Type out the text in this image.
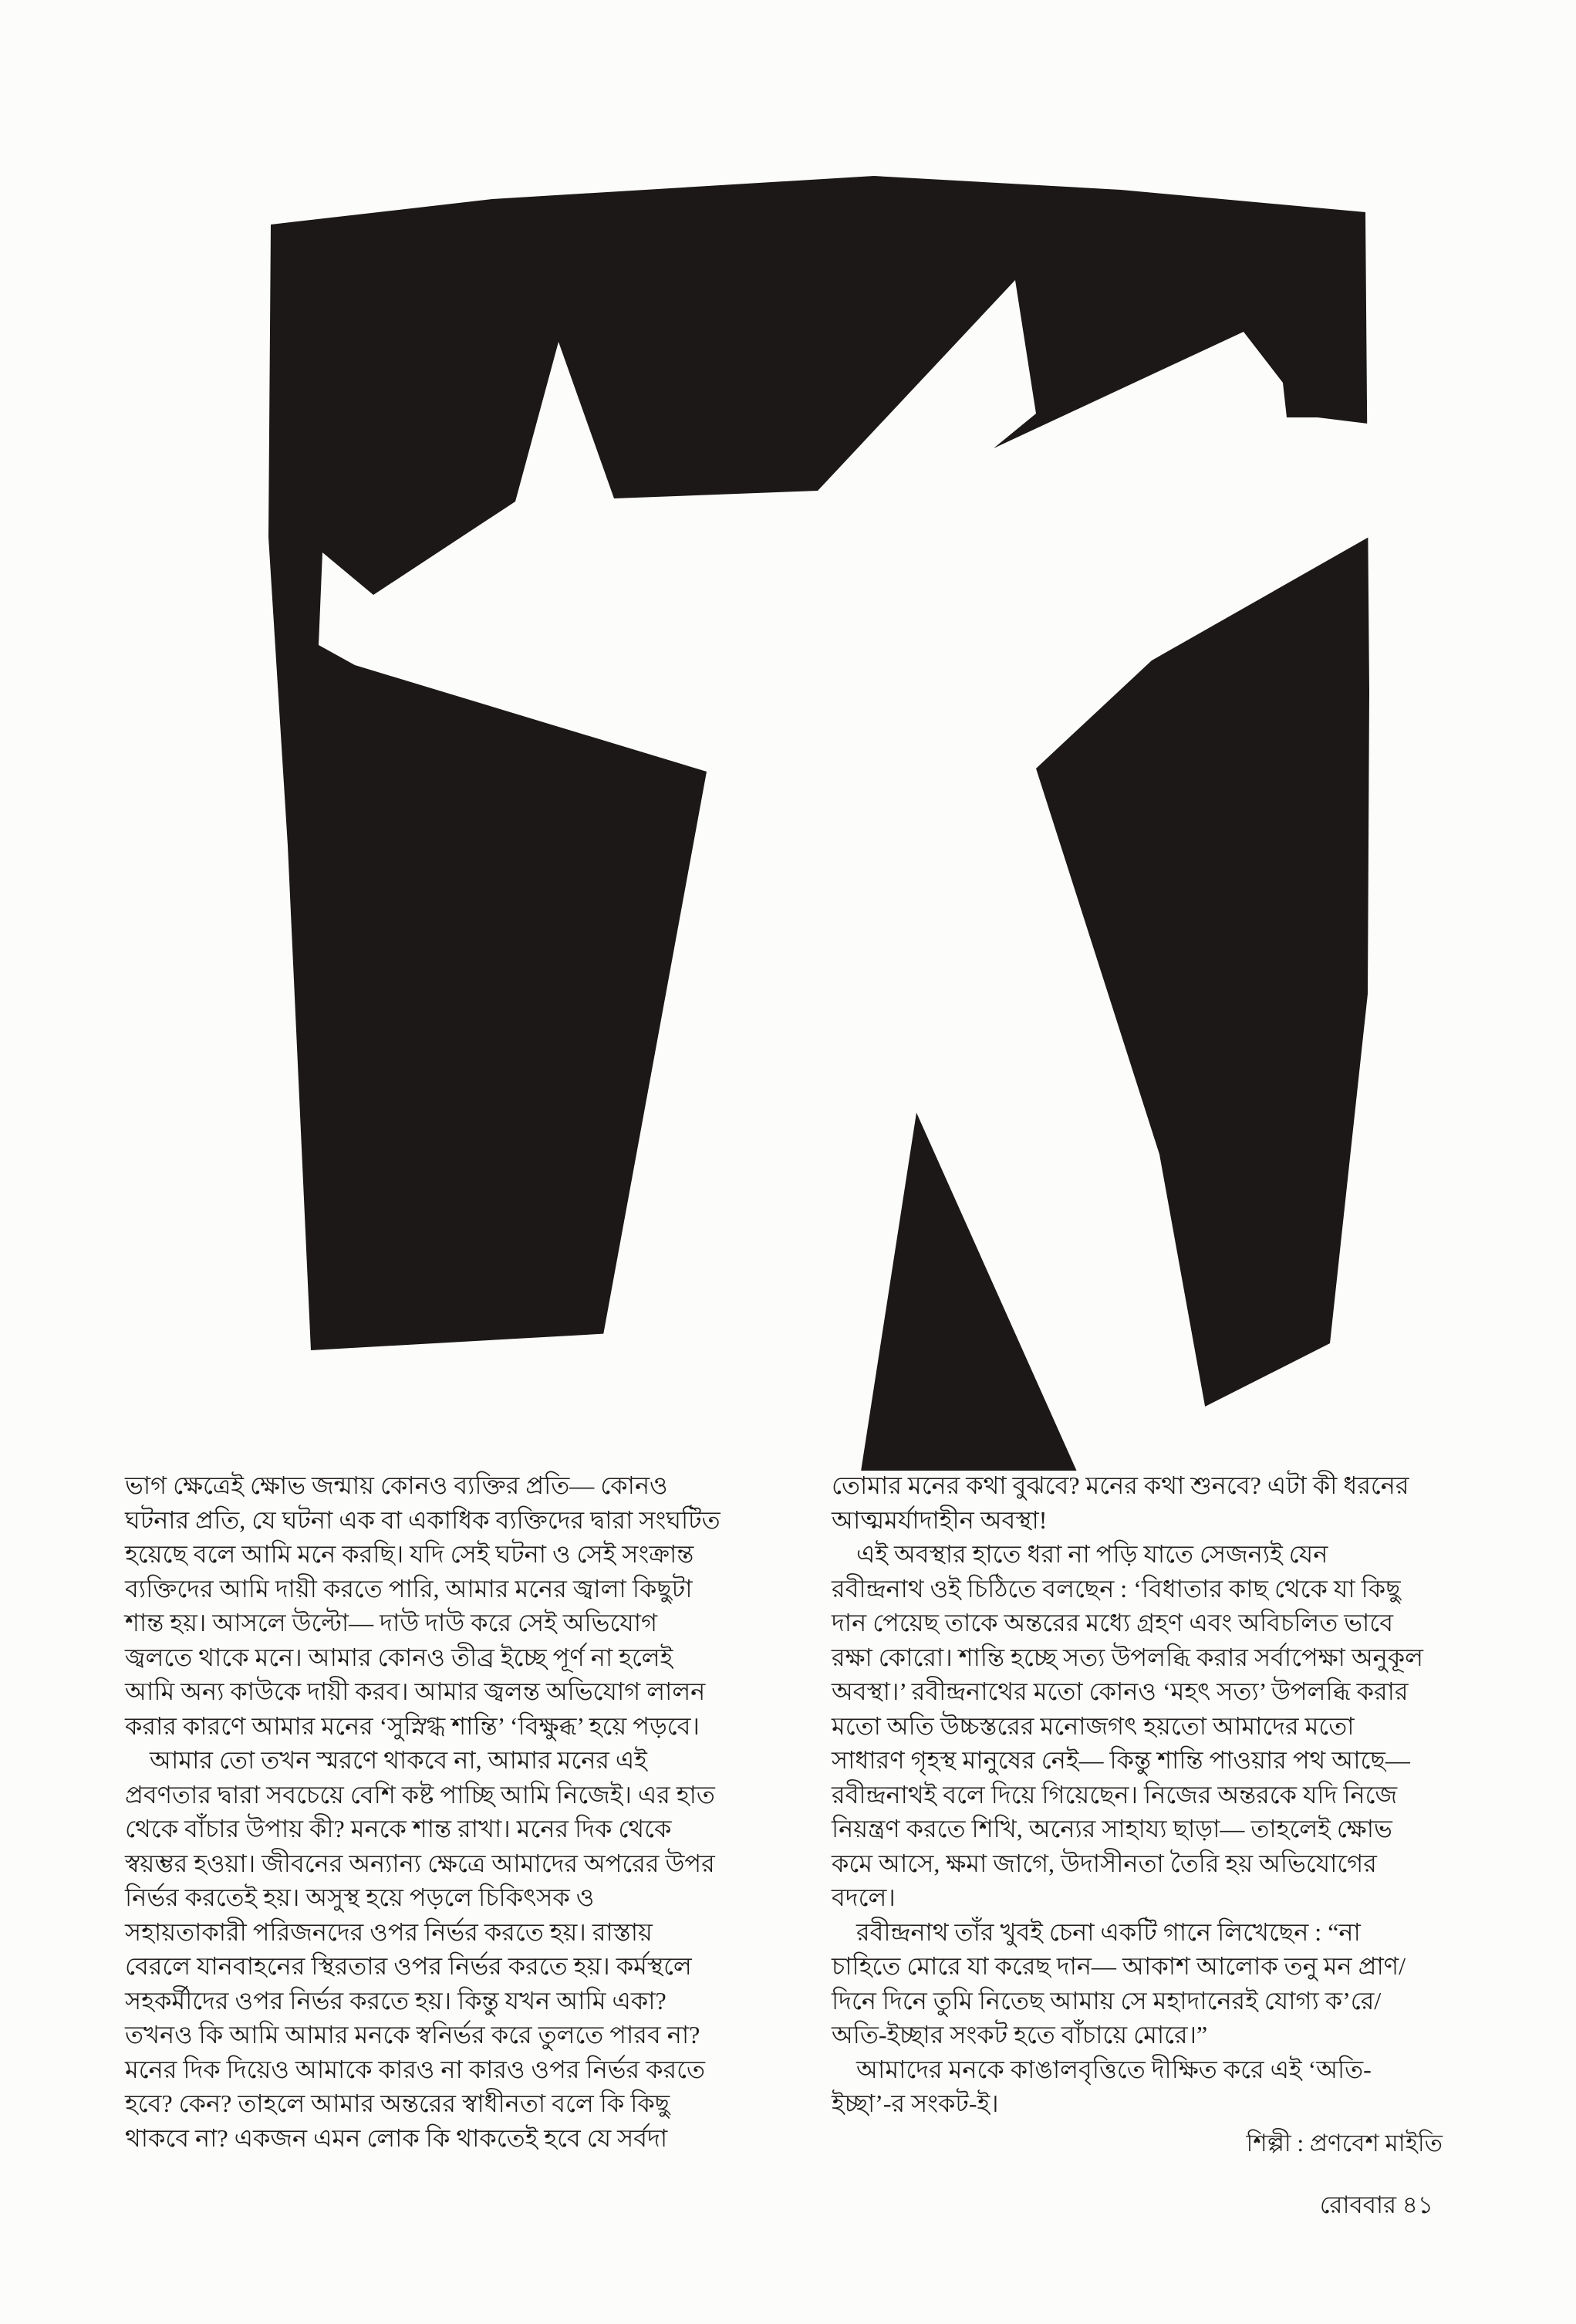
ভাগ ক্ষেত্রেই ক্ষোভ জন্মায় কোনও ব্যক্তির প্রতি— কোনও
ঘটনার প্রতি, যে ঘটনা এক বা একাধিক ব্যক্তিদের দ্বারা সংঘটিত
হয়েছে বলে আমি মনে করছি। যদি সেই ঘটনা ও সেই সংক্রান্ত
ব্যক্তিদের আমি দায়ী করতে পারি, আমার মনের জ্বালা কিছুটা
শান্ত হয়। আসলে উল্টো— দাউ দাউ করে সেই অভিযোগ
জ্বলতে থাকে মনে। আমার কোনও তীব্র ইচ্ছে পূর্ণ না হলেই
আমি অন্য কাউকে দায়ী করব। আমার জ্বলন্ত অভিযোগ লালন
করার কারণে আমার মনের ‘সুস্নিগ্ধ শান্তি’ ‘বিক্ষুব্ধ’ হয়ে পড়বে।
 আমার তো তখন স্মরণে থাকবে না, আমার মনের এই
প্রবণতার দ্বারা সবচেয়ে বেশি কষ্ট পাচ্ছি আমি নিজেই। এর হাত
থেকে বাঁচার উপায় কী? মনকে শান্ত রাখা। মনের দিক থেকে
স্বয়ম্ভর হওয়া। জীবনের অন্যান্য ক্ষেত্রে আমাদের অপরের উপর
নির্ভর করতেই হয়। অসুস্থ হয়ে পড়লে চিকিৎসক ও
সহায়তাকারী পরিজনদের ওপর নির্ভর করতে হয়। রাস্তায়
বেরলে যানবাহনের স্থিরতার ওপর নির্ভর করতে হয়। কর্মস্থলে
সহকর্মীদের ওপর নির্ভর করতে হয়। কিন্তু যখন আমি একা?
তখনও কি আমি আমার মনকে স্বনির্ভর করে তুলতে পারব না?
মনের দিক দিয়েও আমাকে কারও না কারও ওপর নির্ভর করতে
হবে? কেন? তাহলে আমার অন্তরের স্বাধীনতা বলে কি কিছু
থাকবে না? একজন এমন লোক কি থাকতেই হবে যে সর্বদা
তোমার মনের কথা বুঝবে? মনের কথা শুনবে? এটা কী ধরনের
আত্মমর্যাদাহীন অবস্থা!
 এই অবস্থার হাতে ধরা না পড়ি যাতে সেজন্যই যেন
রবীন্দ্রনাথ ওই চিঠিতে বলছেন : ‘বিধাতার কাছ থেকে যা কিছু
দান পেয়েছ তাকে অন্তরের মধ্যে গ্রহণ এবং অবিচলিত ভাবে
রক্ষা কোরো। শান্তি হচ্ছে সত্য উপলব্ধি করার সর্বাপেক্ষা অনুকূল
অবস্থা।’ রবীন্দ্রনাথের মতো কোনও ‘মহৎ সত্য’ উপলব্ধি করার
মতো অতি উচ্চস্তরের মনোজগৎ হয়তো আমাদের মতো
সাধারণ গৃহস্থ মানুষের নেই— কিন্তু শান্তি পাওয়ার পথ আছে—
রবীন্দ্রনাথই বলে দিয়ে গিয়েছেন। নিজের অন্তরকে যদি নিজে
নিয়ন্ত্রণ করতে শিখি, অন্যের সাহায্য ছাড়া— তাহলেই ক্ষোভ
কমে আসে, ক্ষমা জাগে, উদাসীনতা তৈরি হয় অভিযোগের
বদলে।
 রবীন্দ্রনাথ তাঁর খুবই চেনা একটি গানে লিখেছেন : “না
চাহিতে মোরে যা করেছ দান— আকাশ আলোক তনু মন প্রাণ/
দিনে দিনে তুমি নিতেছ আমায় সে মহাদানেরই যোগ্য ক’রে/
অতি-ইচ্ছার সংকট হতে বাঁচায়ে মোরে।”
 আমাদের মনকে কাঙালবৃত্তিতে দীক্ষিত করে এই ‘অতি-
ইচ্ছা’-র সংকট-ই।
শিল্পী : প্রণবেশ মাইতি
রোববার ৪১
